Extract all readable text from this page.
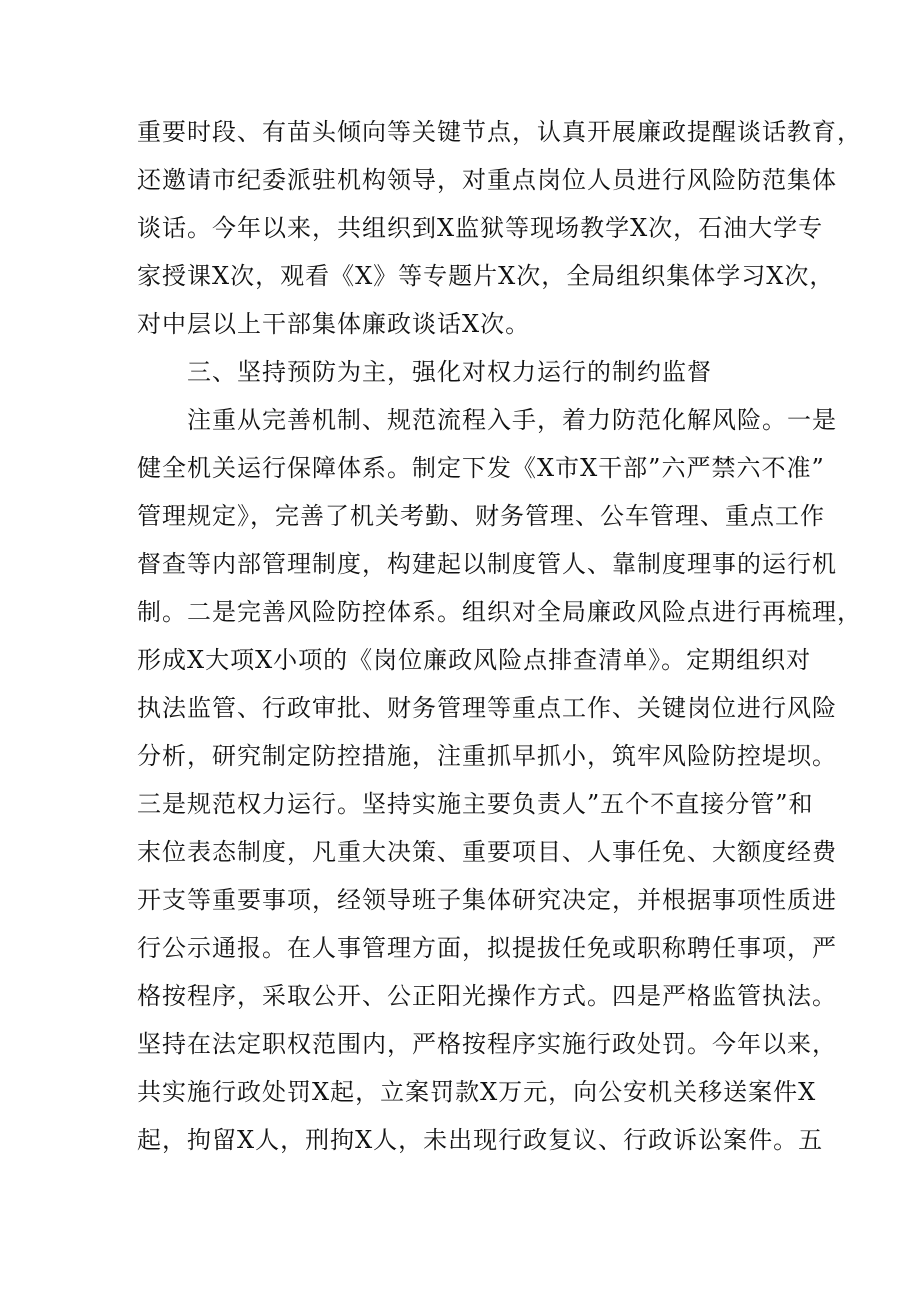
重要时段、有苗头倾向等关键节点，认真开展廉政提醒谈话教育，
还邀请市纪委派驻机构领导，对重点岗位人员进行风险防范集体
谈话。今年以来，共组织到X监狱等现场教学X次，石油大学专
家授课X次，观看《X》等专题片X次，全局组织集体学习X次，
对中层以上干部集体廉政谈话X次。
三、坚持预防为主，强化对权力运行的制约监督
注重从完善机制、规范流程入手，着力防范化解风险。一是
健全机关运行保障体系。制定下发《X市X干部”六严禁六不准”
管理规定》，完善了机关考勤、财务管理、公车管理、重点工作
督查等内部管理制度，构建起以制度管人、靠制度理事的运行机
制。二是完善风险防控体系。组织对全局廉政风险点进行再梳理，
形成X大项X小项的《岗位廉政风险点排查清单》。定期组织对
执法监管、行政审批、财务管理等重点工作、关键岗位进行风险
分析，研究制定防控措施，注重抓早抓小，筑牢风险防控堤坝。
三是规范权力运行。坚持实施主要负责人”五个不直接分管”和
末位表态制度，凡重大决策、重要项目、人事任免、大额度经费
开支等重要事项，经领导班子集体研究决定，并根据事项性质进
行公示通报。在人事管理方面，拟提拔任免或职称聘任事项，严
格按程序，采取公开、公正阳光操作方式。四是严格监管执法。
坚持在法定职权范围内，严格按程序实施行政处罚。今年以来，
共实施行政处罚X起，立案罚款X万元，向公安机关移送案件X
起，拘留X人，刑拘X人，未出现行政复议、行政诉讼案件。五
